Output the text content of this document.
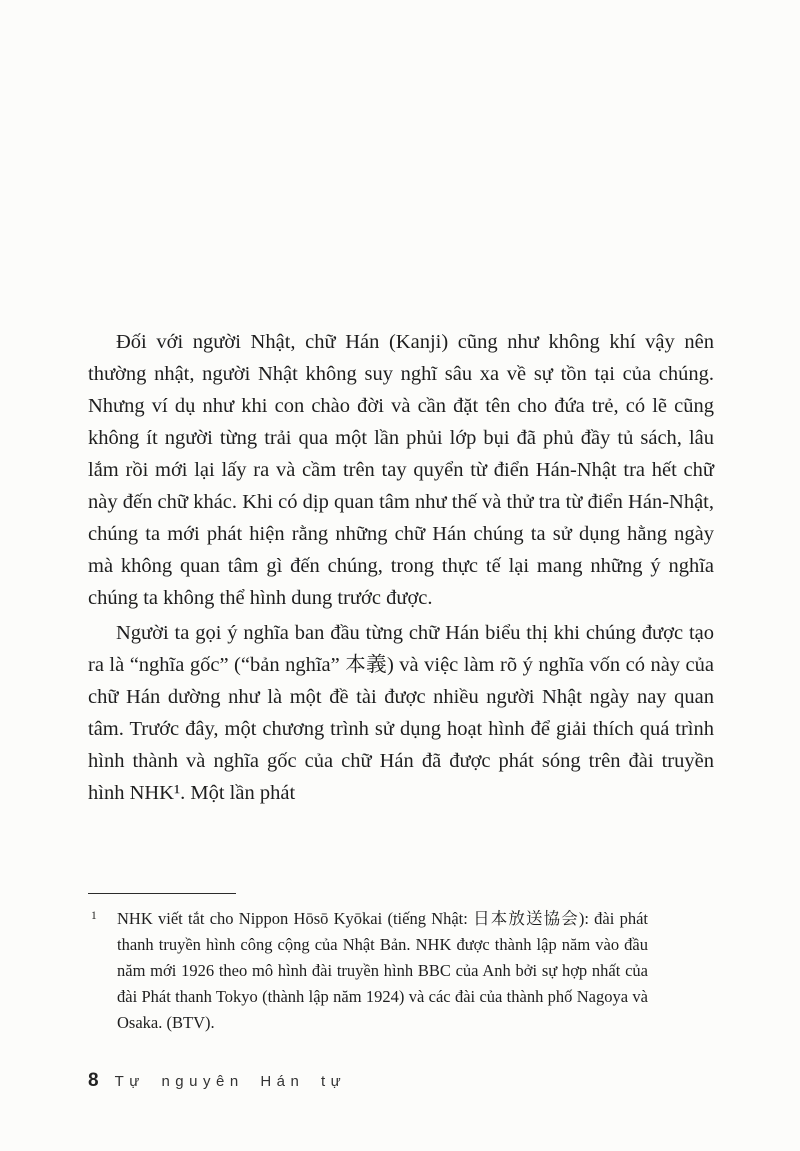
Đối với người Nhật, chữ Hán (Kanji) cũng như không khí vậy nên thường nhật, người Nhật không suy nghĩ sâu xa về sự tồn tại của chúng. Nhưng ví dụ như khi con chào đời và cần đặt tên cho đứa trẻ, có lẽ cũng không ít người từng trải qua một lần phủi lớp bụi đã phủ đầy tủ sách, lâu lắm rồi mới lại lấy ra và cầm trên tay quyển từ điển Hán-Nhật tra hết chữ này đến chữ khác. Khi có dịp quan tâm như thế và thử tra từ điển Hán-Nhật, chúng ta mới phát hiện rằng những chữ Hán chúng ta sử dụng hằng ngày mà không quan tâm gì đến chúng, trong thực tế lại mang những ý nghĩa chúng ta không thể hình dung trước được.

Người ta gọi ý nghĩa ban đầu từng chữ Hán biểu thị khi chúng được tạo ra là “nghĩa gốc” (“bản nghĩa” 本義) và việc làm rõ ý nghĩa vốn có này của chữ Hán dường như là một đề tài được nhiều người Nhật ngày nay quan tâm. Trước đây, một chương trình sử dụng hoạt hình để giải thích quá trình hình thành và nghĩa gốc của chữ Hán đã được phát sóng trên đài truyền hình NHK¹. Một lần phát

1	NHK viết tắt cho Nippon Hōsō Kyōkai (tiếng Nhật: 日本放送協会): đài phát thanh truyền hình công cộng của Nhật Bản. NHK được thành lập năm vào đầu năm mới 1926 theo mô hình đài truyền hình BBC của Anh bởi sự hợp nhất của đài Phát thanh Tokyo (thành lập năm 1924) và các đài của thành phố Nagoya và Osaka. (BTV).
8 Tự nguyên Hán tự
